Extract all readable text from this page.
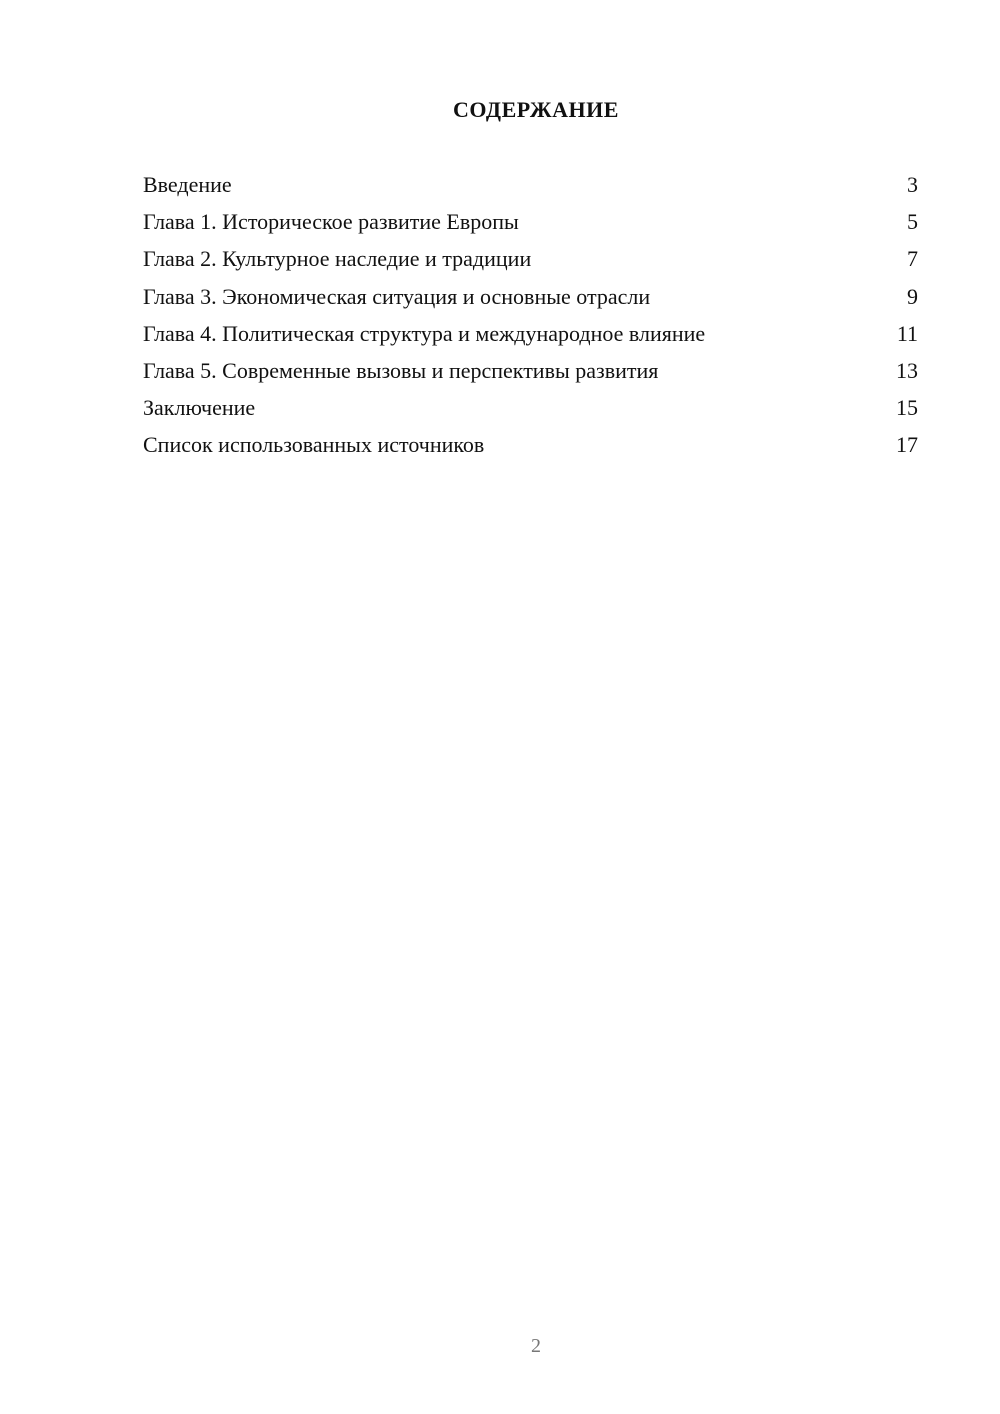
СОДЕРЖАНИЕ
Введение	3
Глава 1. Историческое развитие Европы	5
Глава 2. Культурное наследие и традиции	7
Глава 3. Экономическая ситуация и основные отрасли	9
Глава 4. Политическая структура и международное влияние	11
Глава 5. Современные вызовы и перспективы развития	13
Заключение	15
Список использованных источников	17
2
